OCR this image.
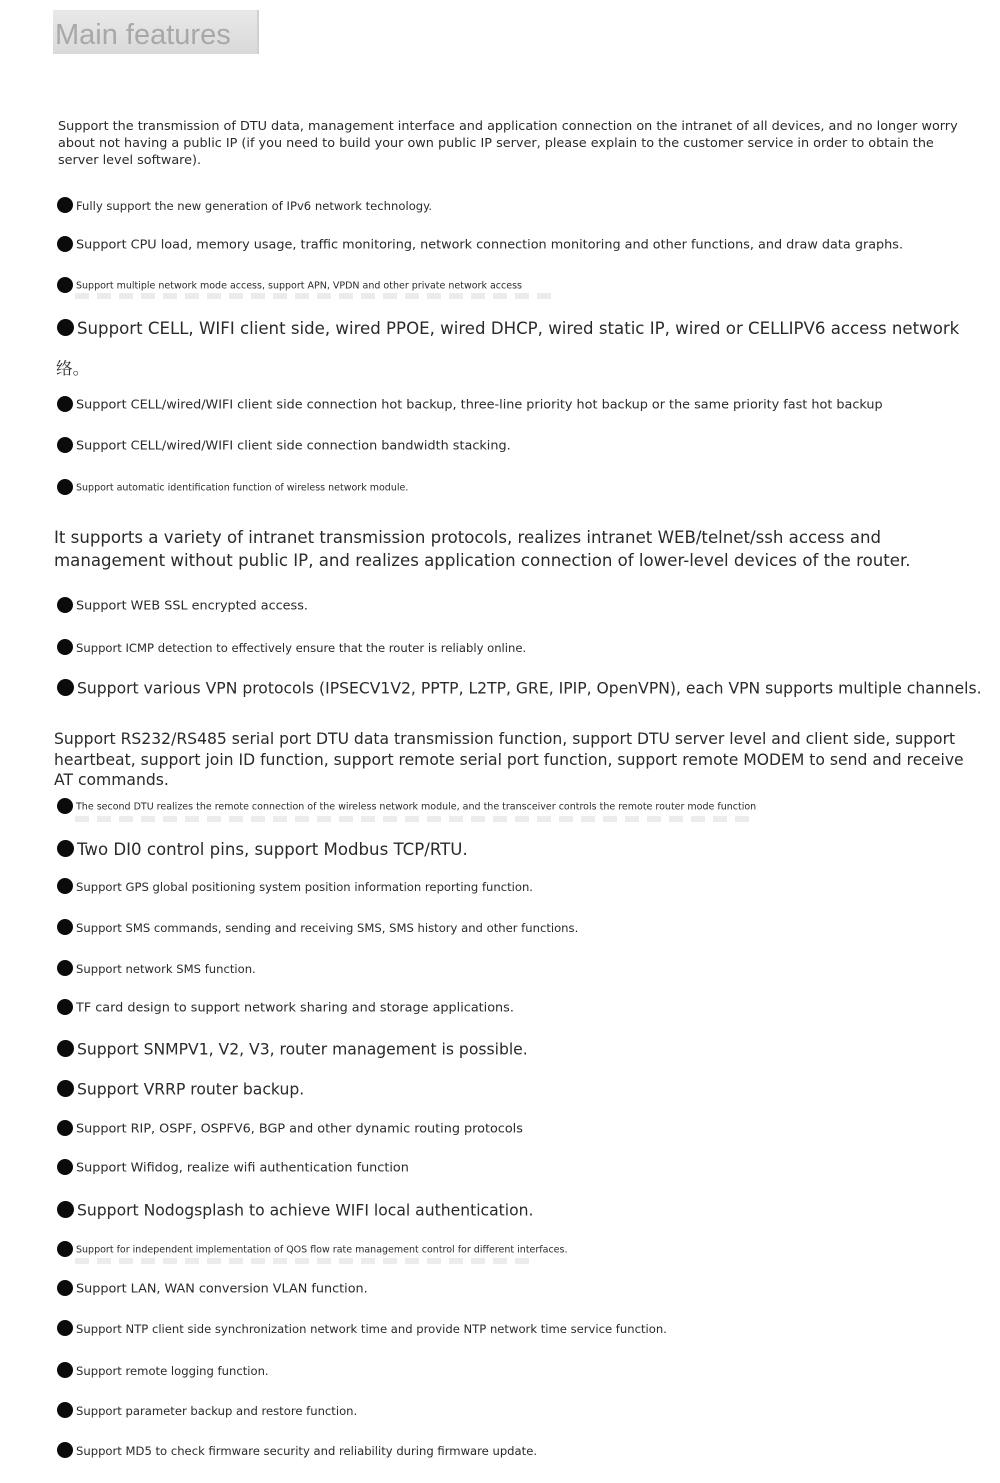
Main features
Support the transmission of DTU data, management interface and application connection on the intranet of all devices, and no longer worry about not having a public IP (if you need to build your own public IP server, please explain to the customer service in order to obtain the server level software).
Fully support the new generation of IPv6 network technology.
Support CPU load, memory usage, traffic monitoring, network connection monitoring and other functions, and draw data graphs.
Support multiple network mode access, support APN, VPDN and other private network access
Support CELL, WIFI client side, wired PPOE, wired DHCP, wired static IP, wired or CELLIPV6 access network
络。
Support CELL/wired/WIFI client side connection hot backup, three-line priority hot backup or the same priority fast hot backup
Support CELL/wired/WIFI client side connection bandwidth stacking.
Support automatic identification function of wireless network module.
It supports a variety of intranet transmission protocols, realizes intranet WEB/telnet/ssh access and management without public IP, and realizes application connection of lower-level devices of the router.
Support WEB SSL encrypted access.
Support ICMP detection to effectively ensure that the router is reliably online.
Support various VPN protocols (IPSECV1V2, PPTP, L2TP, GRE, IPIP, OpenVPN), each VPN supports multiple channels.
Support RS232/RS485 serial port DTU data transmission function, support DTU server level and client side, support heartbeat, support join ID function, support remote serial port function, support remote MODEM to send and receive AT commands.
The second DTU realizes the remote connection of the wireless network module, and the transceiver controls the remote router mode function
Two DI0 control pins, support Modbus TCP/RTU.
Support GPS global positioning system position information reporting function.
Support SMS commands, sending and receiving SMS, SMS history and other functions.
Support network SMS function.
TF card design to support network sharing and storage applications.
Support SNMPV1, V2, V3, router management is possible.
Support VRRP router backup.
Support RIP, OSPF, OSPFV6, BGP and other dynamic routing protocols
Support Wifidog, realize wifi authentication function
Support Nodogsplash to achieve WIFI local authentication.
Support for independent implementation of QOS flow rate management control for different interfaces.
Support LAN, WAN conversion VLAN function.
Support NTP client side synchronization network time and provide NTP network time service function.
Support remote logging function.
Support parameter backup and restore function.
Support MD5 to check firmware security and reliability during firmware update.
